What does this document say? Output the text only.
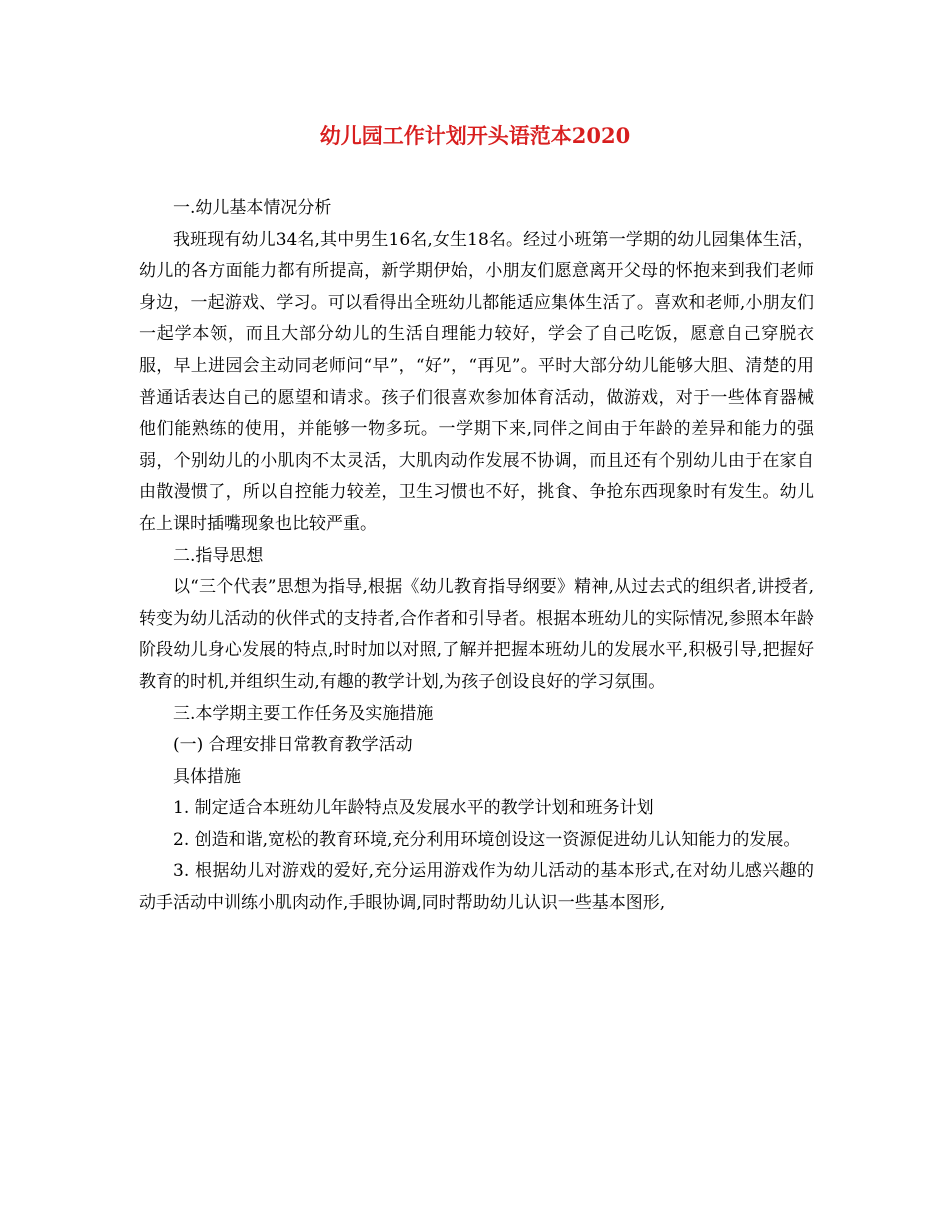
幼儿园工作计划开头语范本2020

一.幼儿基本情况分析

我班现有幼儿34名,其中男生16名,女生18名。经过小班第一学期的幼儿园集体生活，幼儿的各方面能力都有所提高，新学期伊始，小朋友们愿意离开父母的怀抱来到我们老师身边，一起游戏、学习。可以看得出全班幼儿都能适应集体生活了。喜欢和老师,小朋友们一起学本领，而且大部分幼儿的生活自理能力较好，学会了自己吃饭，愿意自己穿脱衣服，早上进园会主动同老师问“早”，“好”，“再见”。平时大部分幼儿能够大胆、清楚的用普通话表达自己的愿望和请求。孩子们很喜欢参加体育活动，做游戏，对于一些体育器械他们能熟练的使用，并能够一物多玩。一学期下来,同伴之间由于年龄的差异和能力的强弱，个别幼儿的小肌肉不太灵活，大肌肉动作发展不协调，而且还有个别幼儿由于在家自由散漫惯了，所以自控能力较差，卫生习惯也不好，挑食、争抢东西现象时有发生。幼儿在上课时插嘴现象也比较严重。

二.指导思想

以“三个代表”思想为指导,根据《幼儿教育指导纲要》精神,从过去式的组织者,讲授者,转变为幼儿活动的伙伴式的支持者,合作者和引导者。根据本班幼儿的实际情况,参照本年龄阶段幼儿身心发展的特点,时时加以对照,了解并把握本班幼儿的发展水平,积极引导,把握好教育的时机,并组织生动,有趣的教学计划,为孩子创设良好的学习氛围。

三.本学期主要工作任务及实施措施

(一) 合理安排日常教育教学活动

具体措施

1. 制定适合本班幼儿年龄特点及发展水平的教学计划和班务计划

2. 创造和谐,宽松的教育环境,充分利用环境创设这一资源促进幼儿认知能力的发展。

3. 根据幼儿对游戏的爱好,充分运用游戏作为幼儿活动的基本形式,在对幼儿感兴趣的动手活动中训练小肌肉动作,手眼协调,同时帮助幼儿认识一些基本图形,
